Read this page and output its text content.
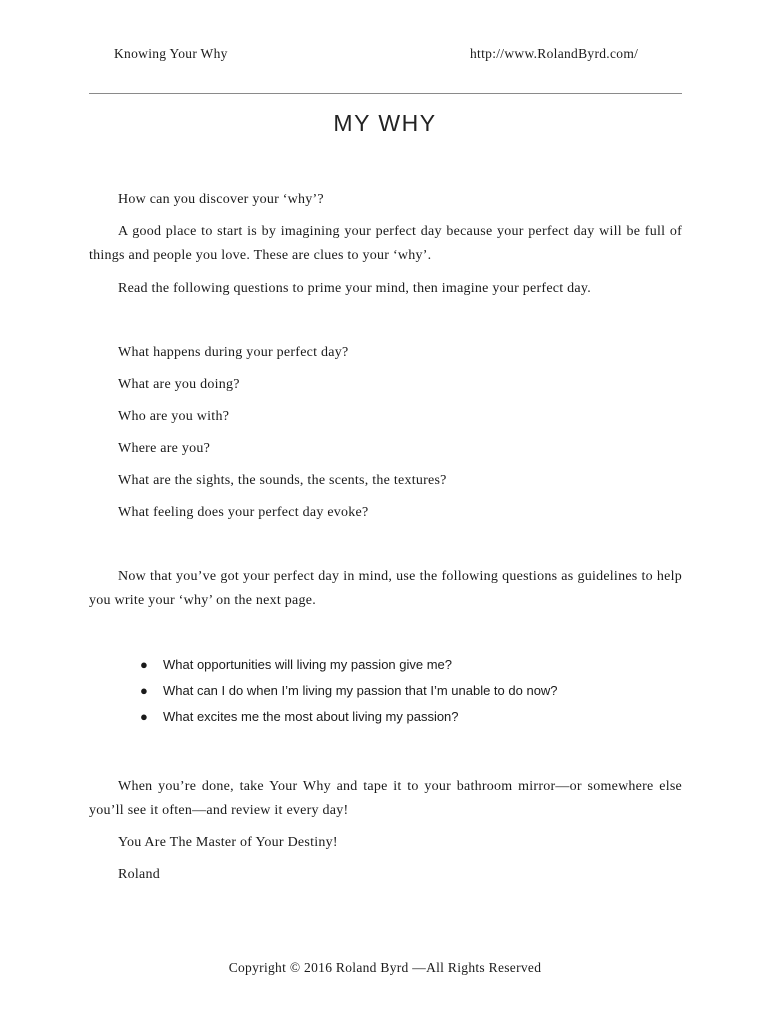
Knowing Your Why	http://www.RolandByrd.com/
MY WHY

How can you discover your ‘why’?

A good place to start is by imagining your perfect day because your perfect day will be full of things and people you love. These are clues to your ‘why’.

Read the following questions to prime your mind, then imagine your perfect day.

What happens during your perfect day?

What are you doing?

Who are you with?

Where are you?

What are the sights, the sounds, the scents, the textures?

What feeling does your perfect day evoke?

Now that you’ve got your perfect day in mind, use the following questions as guidelines to help you write your ‘why’ on the next page.

● What opportunities will living my passion give me?
● What can I do when I’m living my passion that I’m unable to do now?
● What excites me the most about living my passion?

When you’re done, take Your Why and tape it to your bathroom mirror—or somewhere else you’ll see it often—and review it every day!

You Are The Master of Your Destiny!

Roland

Copyright © 2016 Roland Byrd —All Rights Reserved
